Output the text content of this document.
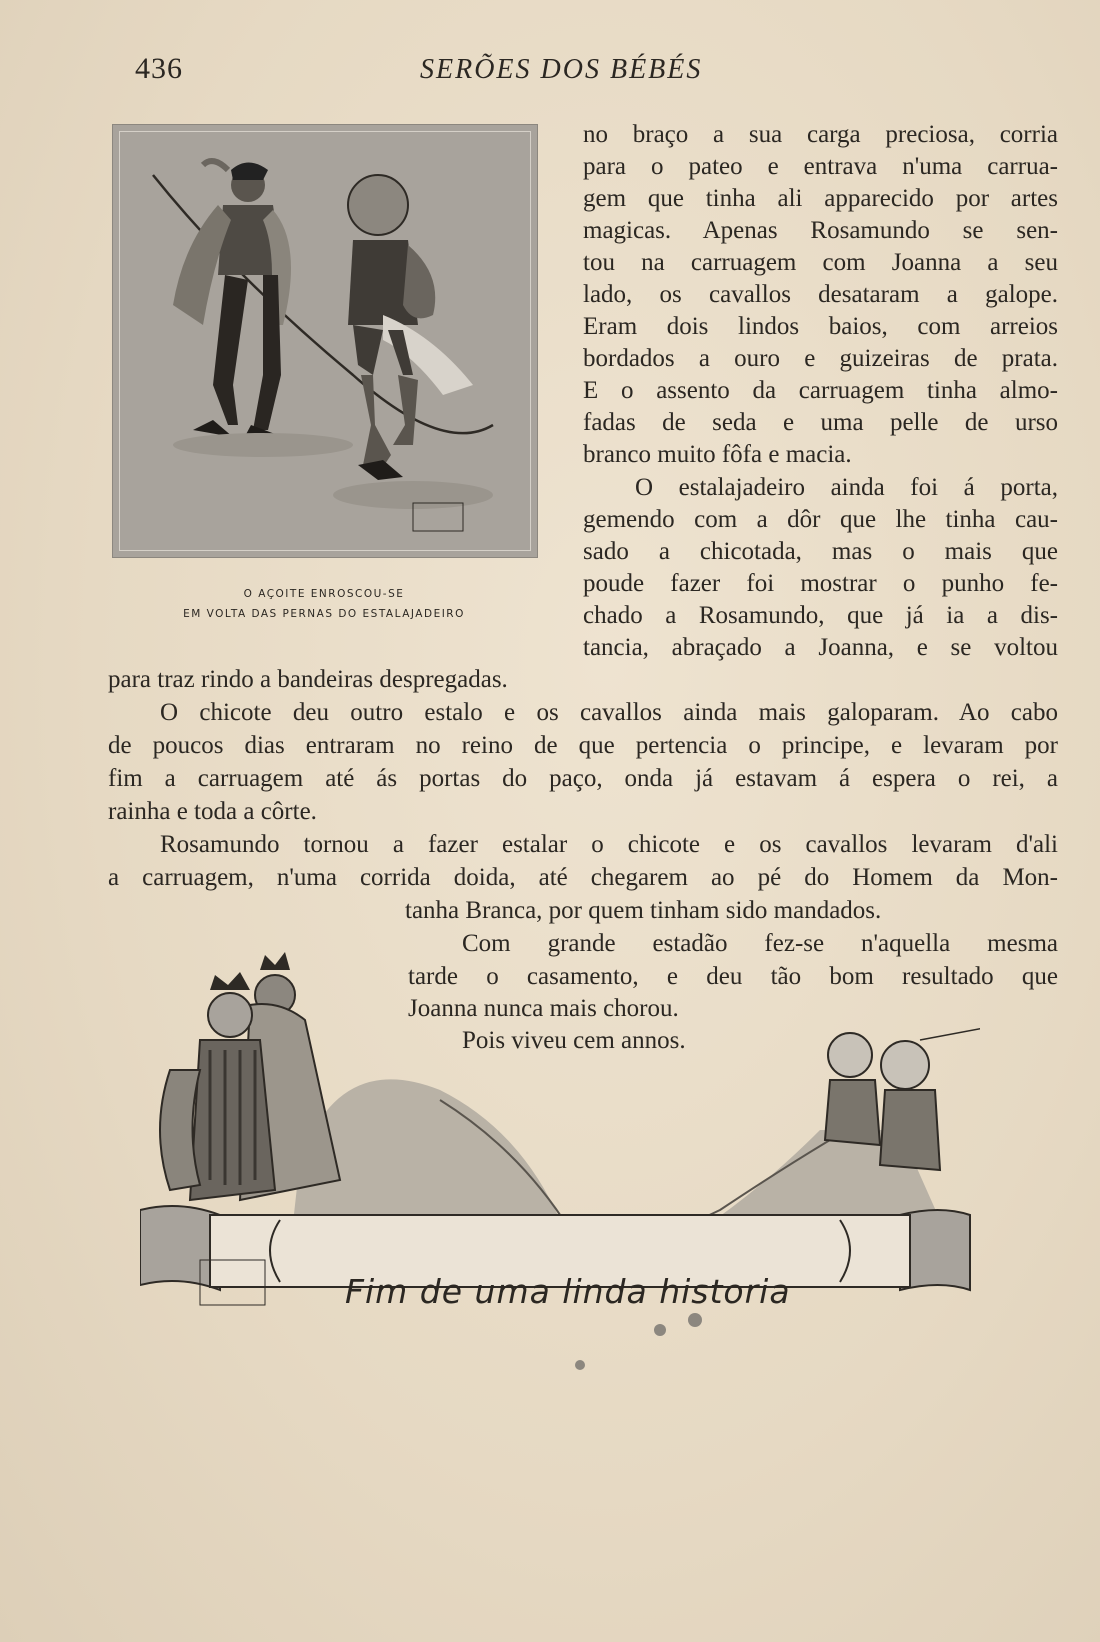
436	SERÕES DOS BÉBÉS
O AÇOITE ENROSCOU-SE
EM VOLTA DAS PERNAS DO ESTALAJADEIRO
no braço a sua carga preciosa, corria
para o pateo e entrava n'uma carrua-
gem que tinha ali apparecido por artes
magicas. Apenas Rosamundo se sen-
tou na carruagem com Joanna a seu
lado, os cavallos desataram a galope.
Eram dois lindos baios, com arreios
bordados a ouro e guizeiras de prata.
E o assento da carruagem tinha almo-
fadas de seda e uma pelle de urso
branco muito fôfa e macia.
O estalajadeiro ainda foi á porta,
gemendo com a dôr que lhe tinha cau-
sado a chicotada, mas o mais que
poude fazer foi mostrar o punho fe-
chado a Rosamundo, que já ia a dis-
tancia, abraçado a Joanna, e se voltou
para traz rindo a bandeiras despregadas.
O chicote deu outro estalo e os cavallos ainda mais galoparam. Ao cabo
de poucos dias entraram no reino de que pertencia o principe, e levaram por
fim a carruagem até ás portas do paço, onda já estavam á espera o rei, a
rainha e toda a côrte.
Rosamundo tornou a fazer estalar o chicote e os cavallos levaram d'ali
a carruagem, n'uma corrida doida, até chegarem ao pé do Homem da Mon-
tanha Branca, por quem tinham sido mandados.
Com grande estadão fez-se n'aquella mesma
tarde o casamento, e deu tão bom resultado que
Joanna nunca mais chorou.
Pois viveu cem annos.
Fim de uma linda historia
